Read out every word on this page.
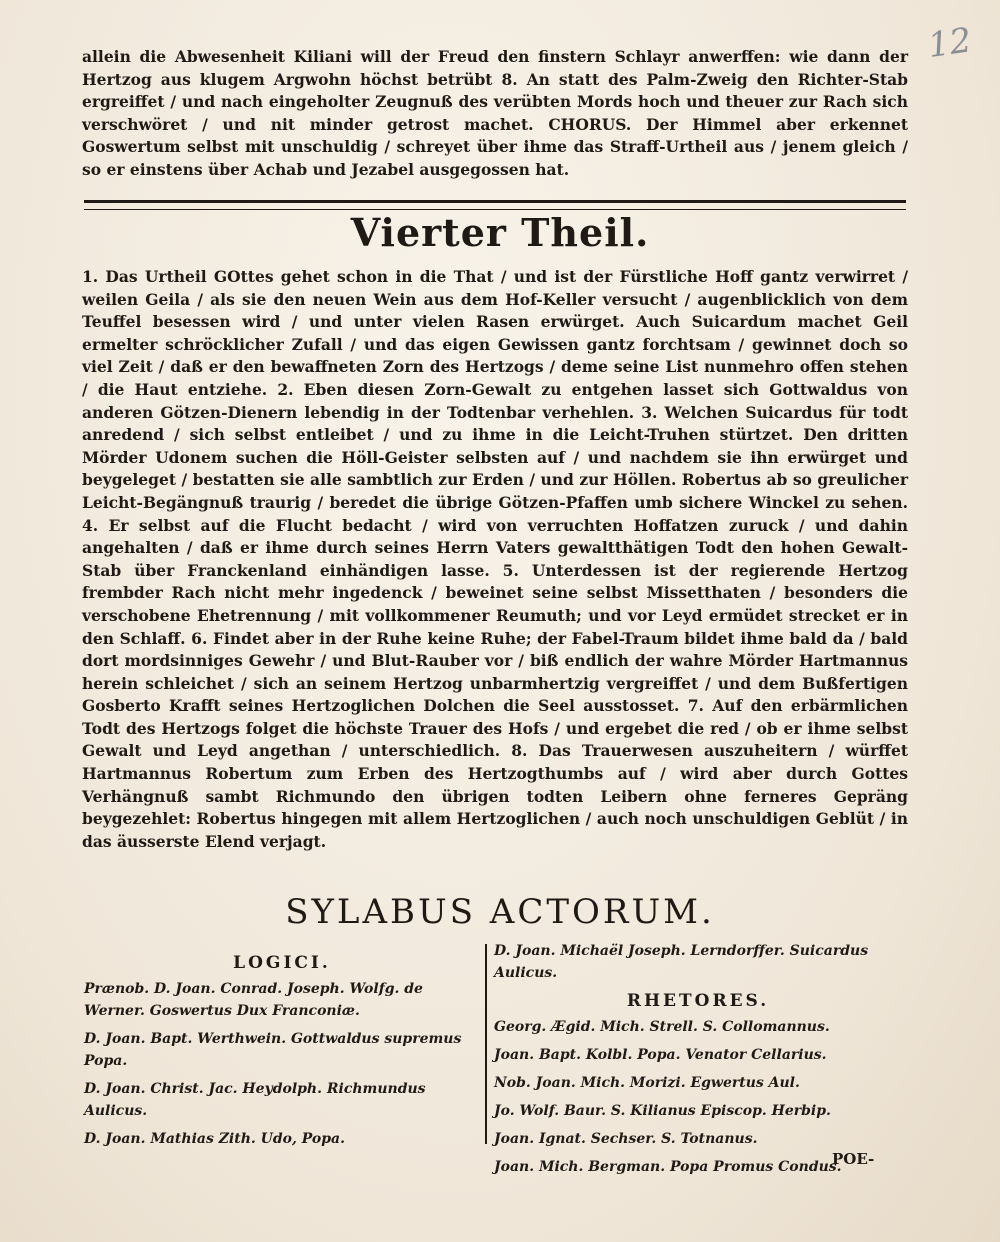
12
allein die Abwesenheit Kiliani will der Freud den finstern Schlayr anwerffen: wie dann der Hertzog aus klugem Argwohn höchst betrübt 8. An statt des Palm-Zweig den Richter-Stab ergreiffet / und nach eingeholter Zeugnuß des verübten Mords hoch und theuer zur Rach sich verschwöret / und nit minder getrost machet. CHORUS. Der Himmel aber erkennet Goswertum selbst mit unschuldig / schreyet über ihme das Straff-Urtheil aus / jenem gleich / so er einstens über Achab und Jezabel ausgegossen hat.
Vierter Theil.
1. Das Urtheil GOttes gehet schon in die That / und ist der Fürstliche Hoff gantz verwirret / weilen Geila / als sie den neuen Wein aus dem Hof-Keller versucht / augenblicklich von dem Teuffel besessen wird / und unter vielen Rasen erwürget. Auch Suicardum machet Geil ermelter schröcklicher Zufall / und das eigen Gewissen gantz forchtsam / gewinnet doch so viel Zeit / daß er den bewaffneten Zorn des Hertzogs / deme seine List nunmehro offen stehen / die Haut entziehe. 2. Eben diesen Zorn-Gewalt zu entgehen lasset sich Gottwaldus von anderen Götzen-Dienern lebendig in der Todtenbar verhehlen. 3. Welchen Suicardus für todt anredend / sich selbst entleibet / und zu ihme in die Leicht-Truhen stürtzet. Den dritten Mörder Udonem suchen die Höll-Geister selbsten auf / und nachdem sie ihn erwürget und beygeleget / bestatten sie alle sambtlich zur Erden / und zur Höllen. Robertus ab so greulicher Leicht-Begängnuß traurig / beredet die übrige Götzen-Pfaffen umb sichere Winckel zu sehen. 4. Er selbst auf die Flucht bedacht / wird von verruchten Hoffatzen zuruck / und dahin angehalten / daß er ihme durch seines Herrn Vaters gewaltthätigen Todt den hohen Gewalt-Stab über Franckenland einhändigen lasse. 5. Unterdessen ist der regierende Hertzog frembder Rach nicht mehr ingedenck / beweinet seine selbst Missetthaten / besonders die verschobene Ehetrennung / mit vollkommener Reumuth; und vor Leyd ermüdet strecket er in den Schlaff. 6. Findet aber in der Ruhe keine Ruhe; der Fabel-Traum bildet ihme bald da / bald dort mordsinniges Gewehr / und Blut-Rauber vor / biß endlich der wahre Mörder Hartmannus herein schleichet / sich an seinem Hertzog unbarmhertzig vergreiffet / und dem Bußfertigen Gosberto Krafft seines Hertzoglichen Dolchen die Seel ausstosset. 7. Auf den erbärmlichen Todt des Hertzogs folget die höchste Trauer des Hofs / und ergebet die red / ob er ihme selbst Gewalt und Leyd angethan / unterschiedlich. 8. Das Trauerwesen auszuheitern / würffet Hartmannus Robertum zum Erben des Hertzogthumbs auf / wird aber durch Gottes Verhängnuß sambt Richmundo den übrigen todten Leibern ohne ferneres Gepräng beygezehlet: Robertus hingegen mit allem Hertzoglichen / auch noch unschuldigen Geblüt / in das äusserste Elend verjagt.
SYLABUS ACTORUM.
LOGICI.
Prænob. D. Joan. Conrad. Joseph. Wolfg. de Werner. Goswertus Dux Franconiæ.
D. Joan. Bapt. Werthwein. Gottwaldus supremus Popa.
D. Joan. Christ. Jac. Heydolph. Richmundus Aulicus.
D. Joan. Mathias Zith. Udo, Popa.
D. Joan. Michaël Joseph. Lerndorffer. Suicardus Aulicus.
RHETORES.
Georg. Ægid. Mich. Strell. S. Collomannus.
Joan. Bapt. Kolbl. Popa. Venator Cellarius.
Nob. Joan. Mich. Morizi. Egwertus Aul.
Jo. Wolf. Baur. S. Kilianus Episcop. Herbip.
Joan. Ignat. Sechser. S. Totnanus.
Joan. Mich. Bergman. Popa Promus Condus.
POE-
